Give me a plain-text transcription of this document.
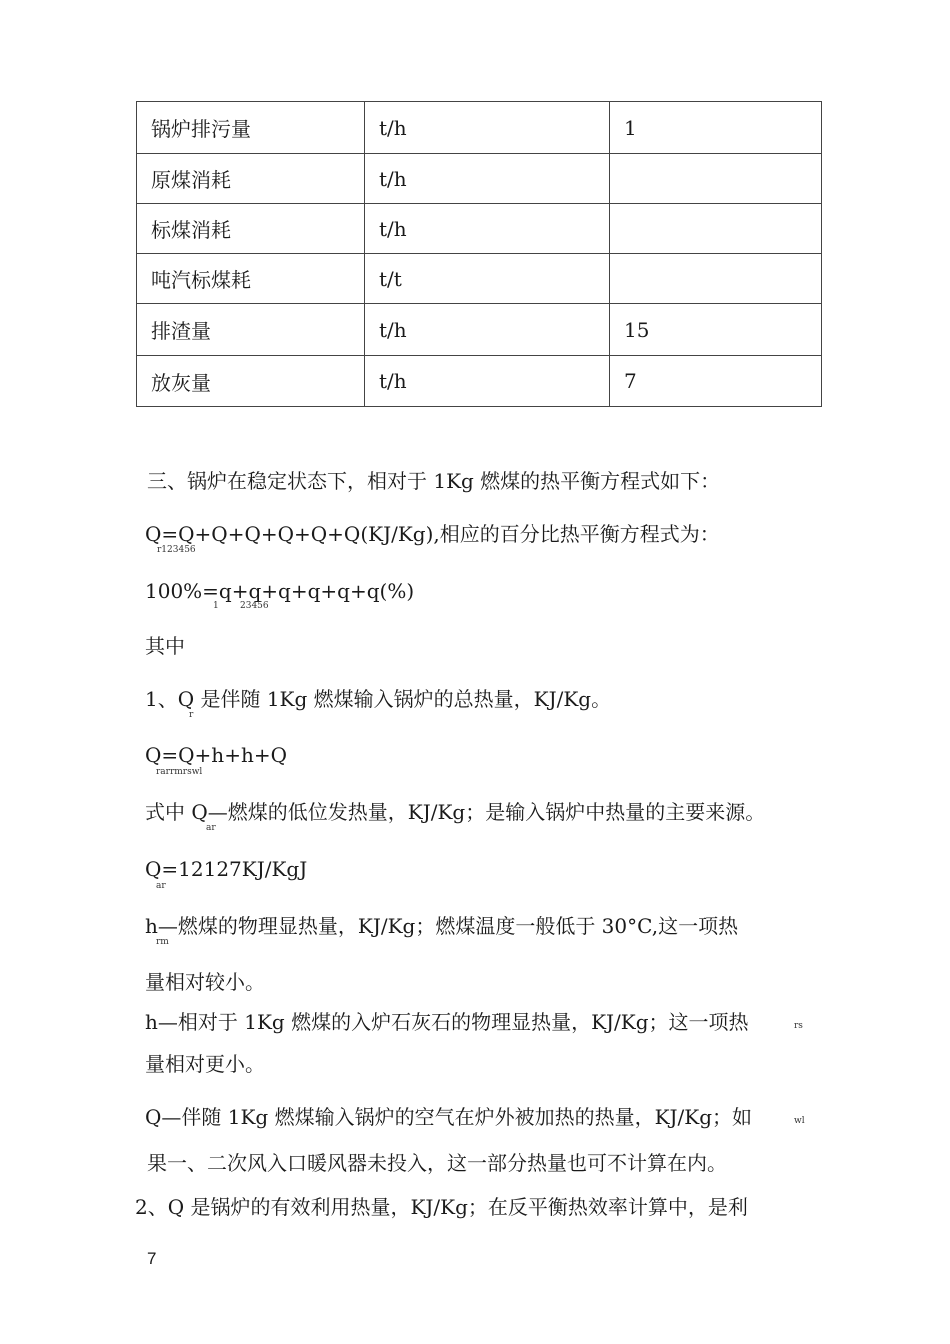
锅炉排污量	t/h	1
原煤消耗	t/h	
标煤消耗	t/h	
吨汽标煤耗	t/t	
排渣量	t/h	15
放灰量	t/h	7
三、锅炉在稳定状态下，相对于 1Kg 燃煤的热平衡方程式如下：
Q=Q+Q+Q+Q+Q+Q(KJ/Kg),相应的百分比热平衡方程式为：
r123456
100%=q+q+q+q+q+q(%)
1 23456
其中
1、Q 是伴随 1Kg 燃煤输入锅炉的总热量，KJ/Kg。
r
Q=Q+h+h+Q
rarrmrswl
式中 Q—燃煤的低位发热量，KJ/Kg；是输入锅炉中热量的主要来源。
ar
Q=12127KJ/KgJ
ar
h—燃煤的物理显热量，KJ/Kg；燃煤温度一般低于 30°C,这一项热
rm
量相对较小。
h—相对于 1Kg 燃煤的入炉石灰石的物理显热量，KJ/Kg；这一项热	rs
量相对更小。
Q—伴随 1Kg 燃煤输入锅炉的空气在炉外被加热的热量，KJ/Kg；如	wl
果一、二次风入口暖风器未投入，这一部分热量也可不计算在内。
2、Q 是锅炉的有效利用热量，KJ/Kg；在反平衡热效率计算中，是利
7
